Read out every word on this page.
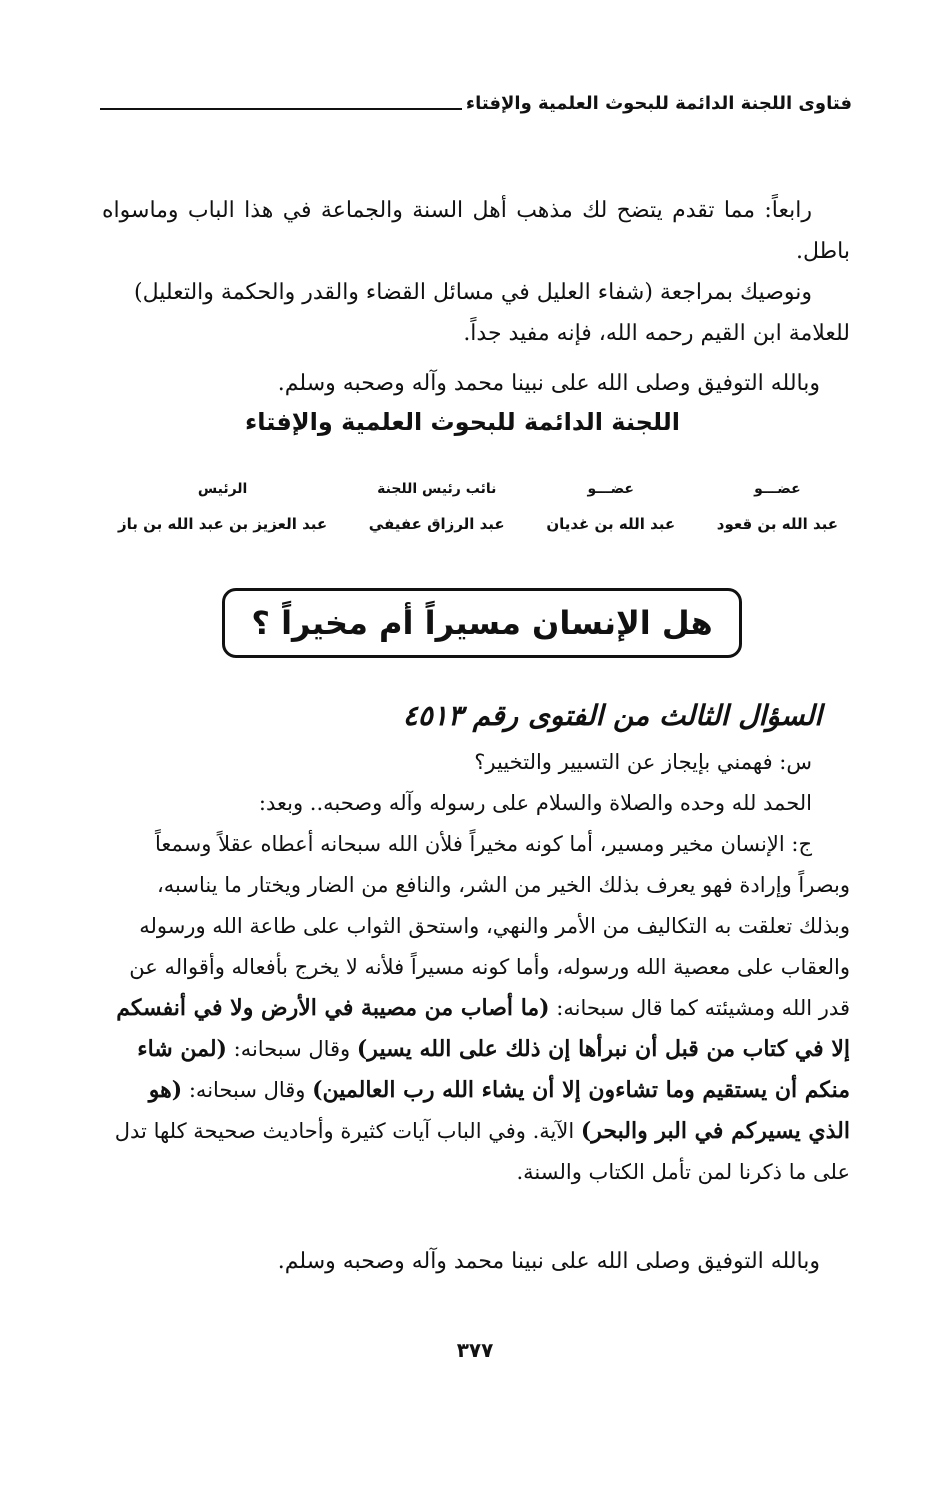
فتاوى اللجنة الدائمة للبحوث العلمية والإفتاء

رابعاً: مما تقدم يتضح لك مذهب أهل السنة والجماعة في هذا الباب وماسواه باطل.

ونوصيك بمراجعة (شفاء العليل في مسائل القضاء والقدر والحكمة والتعليل) للعلامة ابن القيم رحمه الله، فإنه مفيد جداً.

وبالله التوفيق وصلى الله على نبينا محمد وآله وصحبه وسلم.
اللجنة الدائمة للبحوث العلمية والإفتاء
عضـــو
عبد الله بن قعود
عضـــو
عبد الله بن غديان
نائب رئيس اللجنة
عبد الرزاق عفيفي
الرئيس
عبد العزيز بن عبد الله بن باز
هل الإنسان مسيراً أم مخيراً ؟
السؤال الثالث من الفتوى رقم ٤٥١٣

س: فهمني بإيجاز عن التسيير والتخيير؟

الحمد لله وحده والصلاة والسلام على رسوله وآله وصحبه.. وبعد:

ج: الإنسان مخير ومسير، أما كونه مخيراً فلأن الله سبحانه أعطاه عقلاً وسمعاً وبصراً وإرادة فهو يعرف بذلك الخير من الشر، والنافع من الضار ويختار ما يناسبه، وبذلك تعلقت به التكاليف من الأمر والنهي، واستحق الثواب على طاعة الله ورسوله والعقاب على معصية الله ورسوله، وأما كونه مسيراً فلأنه لا يخرج بأفعاله وأقواله عن قدر الله ومشيئته كما قال سبحانه: (ما أصاب من مصيبة في الأرض ولا في أنفسكم إلا في كتاب من قبل أن نبرأها إن ذلك على الله يسير) وقال سبحانه: (لمن شاء منكم أن يستقيم وما تشاءون إلا أن يشاء الله رب العالمين) وقال سبحانه: (هو الذي يسيركم في البر والبحر) الآية. وفي الباب آيات كثيرة وأحاديث صحيحة كلها تدل على ما ذكرنا لمن تأمل الكتاب والسنة.

وبالله التوفيق وصلى الله على نبينا محمد وآله وصحبه وسلم.
٣٧٧
